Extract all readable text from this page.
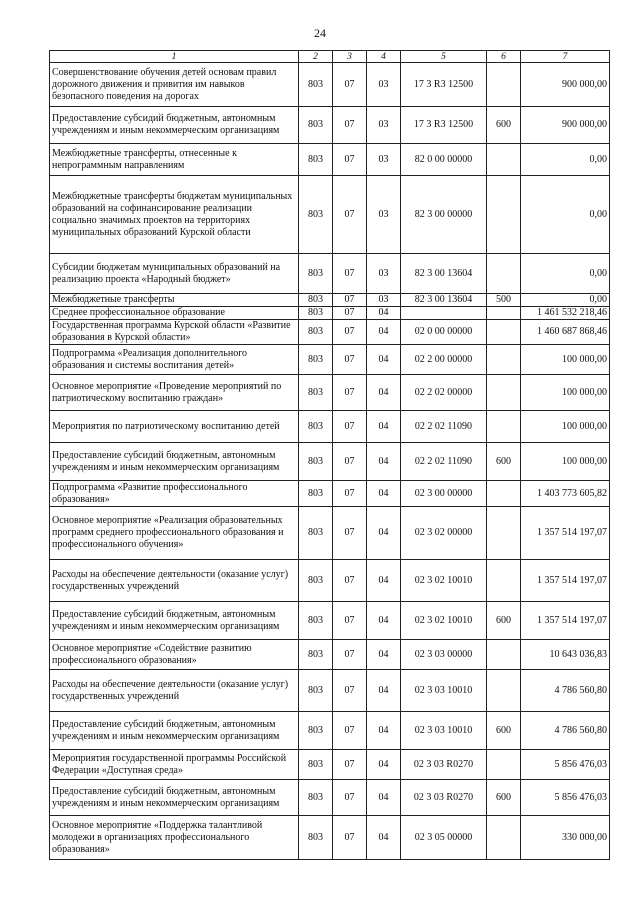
24
1	2	3	4	5	6	7
Совершенствование обучения детей основам правил дорожного движения и привития им навыков безопасного поведения на дорогах	803	07	03	17 3 R3 12500		900 000,00
Предоставление субсидий бюджетным, автономным учреждениям и иным некоммерческим организациям	803	07	03	17 3 R3 12500	600	900 000,00
Межбюджетные трансферты, отнесенные к непрограммным направлениям	803	07	03	82 0 00 00000		0,00
Межбюджетные трансферты бюджетам муниципальных образований на софинансирование реализации социально значимых проектов на территориях муниципальных образований Курской области	803	07	03	82 3 00 00000		0,00
Субсидии бюджетам муниципальных образований на реализацию проекта «Народный бюджет»	803	07	03	82 3 00 13604		0,00
Межбюджетные трансферты	803	07	03	82 3 00 13604	500	0,00
Среднее профессиональное образование	803	07	04			1 461 532 218,46
Государственная программа Курской области «Развитие образования в Курской области»	803	07	04	02 0 00 00000		1 460 687 868,46
Подпрограмма «Реализация дополнительного образования и системы воспитания детей»	803	07	04	02 2 00 00000		100 000,00
Основное мероприятие «Проведение мероприятий по патриотическому воспитанию граждан»	803	07	04	02 2 02 00000		100 000,00
Мероприятия по патриотическому воспитанию детей	803	07	04	02 2 02 11090		100 000,00
Предоставление субсидий бюджетным, автономным учреждениям и иным некоммерческим организациям	803	07	04	02 2 02 11090	600	100 000,00
Подпрограмма «Развитие профессионального образования»	803	07	04	02 3 00 00000		1 403 773 605,82
Основное мероприятие «Реализация образовательных программ среднего профессионального образования и профессионального обучения»	803	07	04	02 3 02 00000		1 357 514 197,07
Расходы на обеспечение деятельности (оказание услуг) государственных учреждений	803	07	04	02 3 02 10010		1 357 514 197,07
Предоставление субсидий бюджетным, автономным учреждениям и иным некоммерческим организациям	803	07	04	02 3 02 10010	600	1 357 514 197,07
Основное мероприятие «Содействие развитию профессионального образования»	803	07	04	02 3 03 00000		10 643 036,83
Расходы на обеспечение деятельности (оказание услуг) государственных учреждений	803	07	04	02 3 03 10010		4 786 560,80
Предоставление субсидий бюджетным, автономным учреждениям и иным некоммерческим организациям	803	07	04	02 3 03 10010	600	4 786 560,80
Мероприятия государственной программы Российской Федерации «Доступная среда»	803	07	04	02 3 03 R0270		5 856 476,03
Предоставление субсидий бюджетным, автономным учреждениям и иным некоммерческим организациям	803	07	04	02 3 03 R0270	600	5 856 476,03
Основное мероприятие «Поддержка талантливой молодежи в организациях профессионального образования»	803	07	04	02 3 05 00000		330 000,00
